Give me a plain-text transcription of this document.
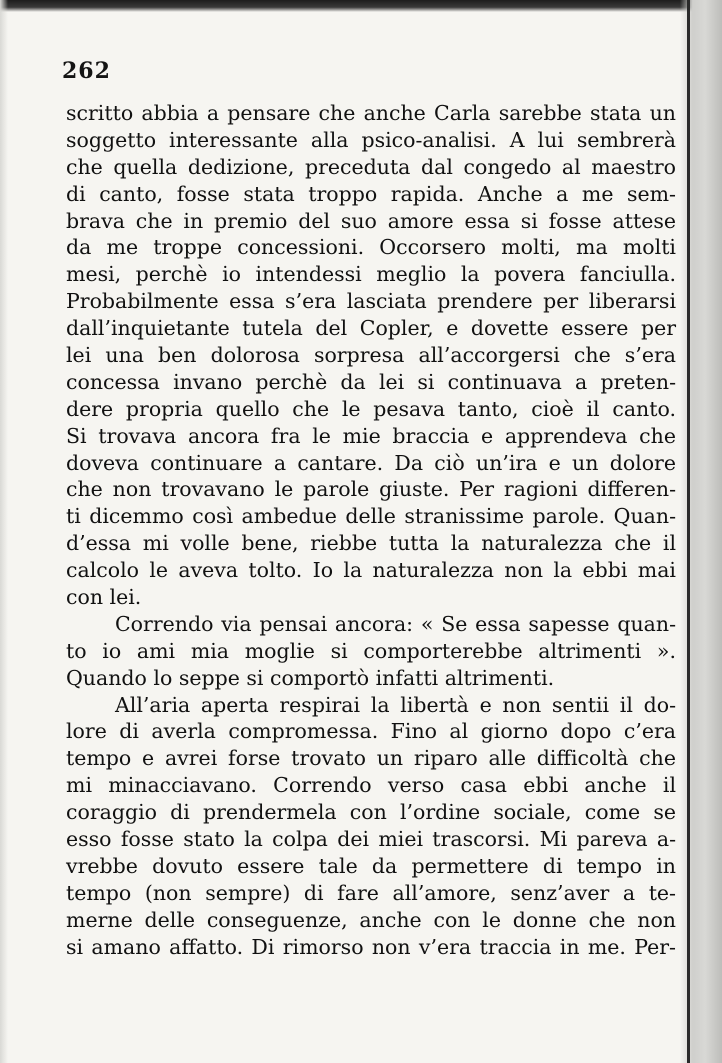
262
scritto abbia a pensare che anche Carla sarebbe stata un
soggetto interessante alla psico-analisi. A lui sembrerà
che quella dedizione, preceduta dal congedo al maestro
di canto, fosse stata troppo rapida. Anche a me sem-
brava che in premio del suo amore essa si fosse attese
da me troppe concessioni. Occorsero molti, ma molti
mesi, perchè io intendessi meglio la povera fanciulla.
Probabilmente essa s’era lasciata prendere per liberarsi
dall’inquietante tutela del Copler, e dovette essere per
lei una ben dolorosa sorpresa all’accorgersi che s’era
concessa invano perchè da lei si continuava a preten-
dere propria quello che le pesava tanto, cioè il canto.
Si trovava ancora fra le mie braccia e apprendeva che
doveva continuare a cantare. Da ciò un’ira e un dolore
che non trovavano le parole giuste. Per ragioni differen-
ti dicemmo così ambedue delle stranissime parole. Quan-
d’essa mi volle bene, riebbe tutta la naturalezza che il
calcolo le aveva tolto. Io la naturalezza non la ebbi mai
con lei.
Correndo via pensai ancora: « Se essa sapesse quan-
to io ami mia moglie si comporterebbe altrimenti ».
Quando lo seppe si comportò infatti altrimenti.
All’aria aperta respirai la libertà e non sentii il do-
lore di averla compromessa. Fino al giorno dopo c’era
tempo e avrei forse trovato un riparo alle difficoltà che
mi minacciavano. Correndo verso casa ebbi anche il
coraggio di prendermela con l’ordine sociale, come se
esso fosse stato la colpa dei miei trascorsi. Mi pareva a-
vrebbe dovuto essere tale da permettere di tempo in
tempo (non sempre) di fare all’amore, senz’aver a te-
merne delle conseguenze, anche con le donne che non
si amano affatto. Di rimorso non v’era traccia in me. Per-
